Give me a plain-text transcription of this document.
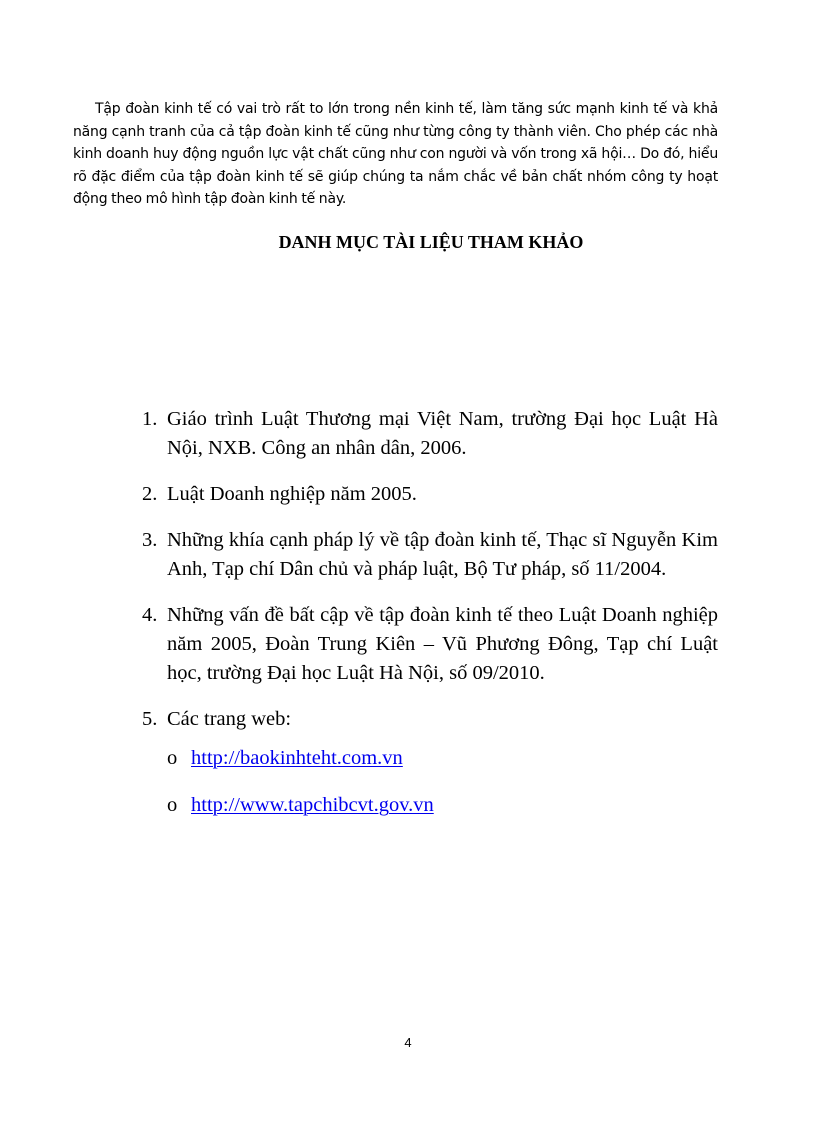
Tập đoàn kinh tế có vai trò rất to lớn trong nền kinh tế, làm tăng sức mạnh kinh tế và khả năng cạnh tranh của cả tập đoàn kinh tế cũng như từng công ty thành viên. Cho phép các nhà kinh doanh huy động nguồn lực vật chất cũng như con người và vốn trong xã hội… Do đó, hiểu rõ đặc điểm của tập đoàn kinh tế sẽ giúp chúng ta nắm chắc về bản chất nhóm công ty hoạt động theo mô hình tập đoàn kinh tế này.

DANH MỤC TÀI LIỆU THAM KHẢO
1. Giáo trình Luật Thương mại Việt Nam, trường Đại học Luật Hà Nội, NXB. Công an nhân dân, 2006.
2. Luật Doanh nghiệp năm 2005.
3. Những khía cạnh pháp lý về tập đoàn kinh tế, Thạc sĩ Nguyễn Kim Anh, Tạp chí Dân chủ và pháp luật, Bộ Tư pháp, số 11/2004.
4. Những vấn đề bất cập về tập đoàn kinh tế theo Luật Doanh nghiệp năm 2005, Đoàn Trung Kiên – Vũ Phương Đông, Tạp chí Luật học, trường Đại học Luật Hà Nội, số 09/2010.
5. Các trang web:
o http://baokinhteht.com.vn
o http://www.tapchibcvt.gov.vn

4
